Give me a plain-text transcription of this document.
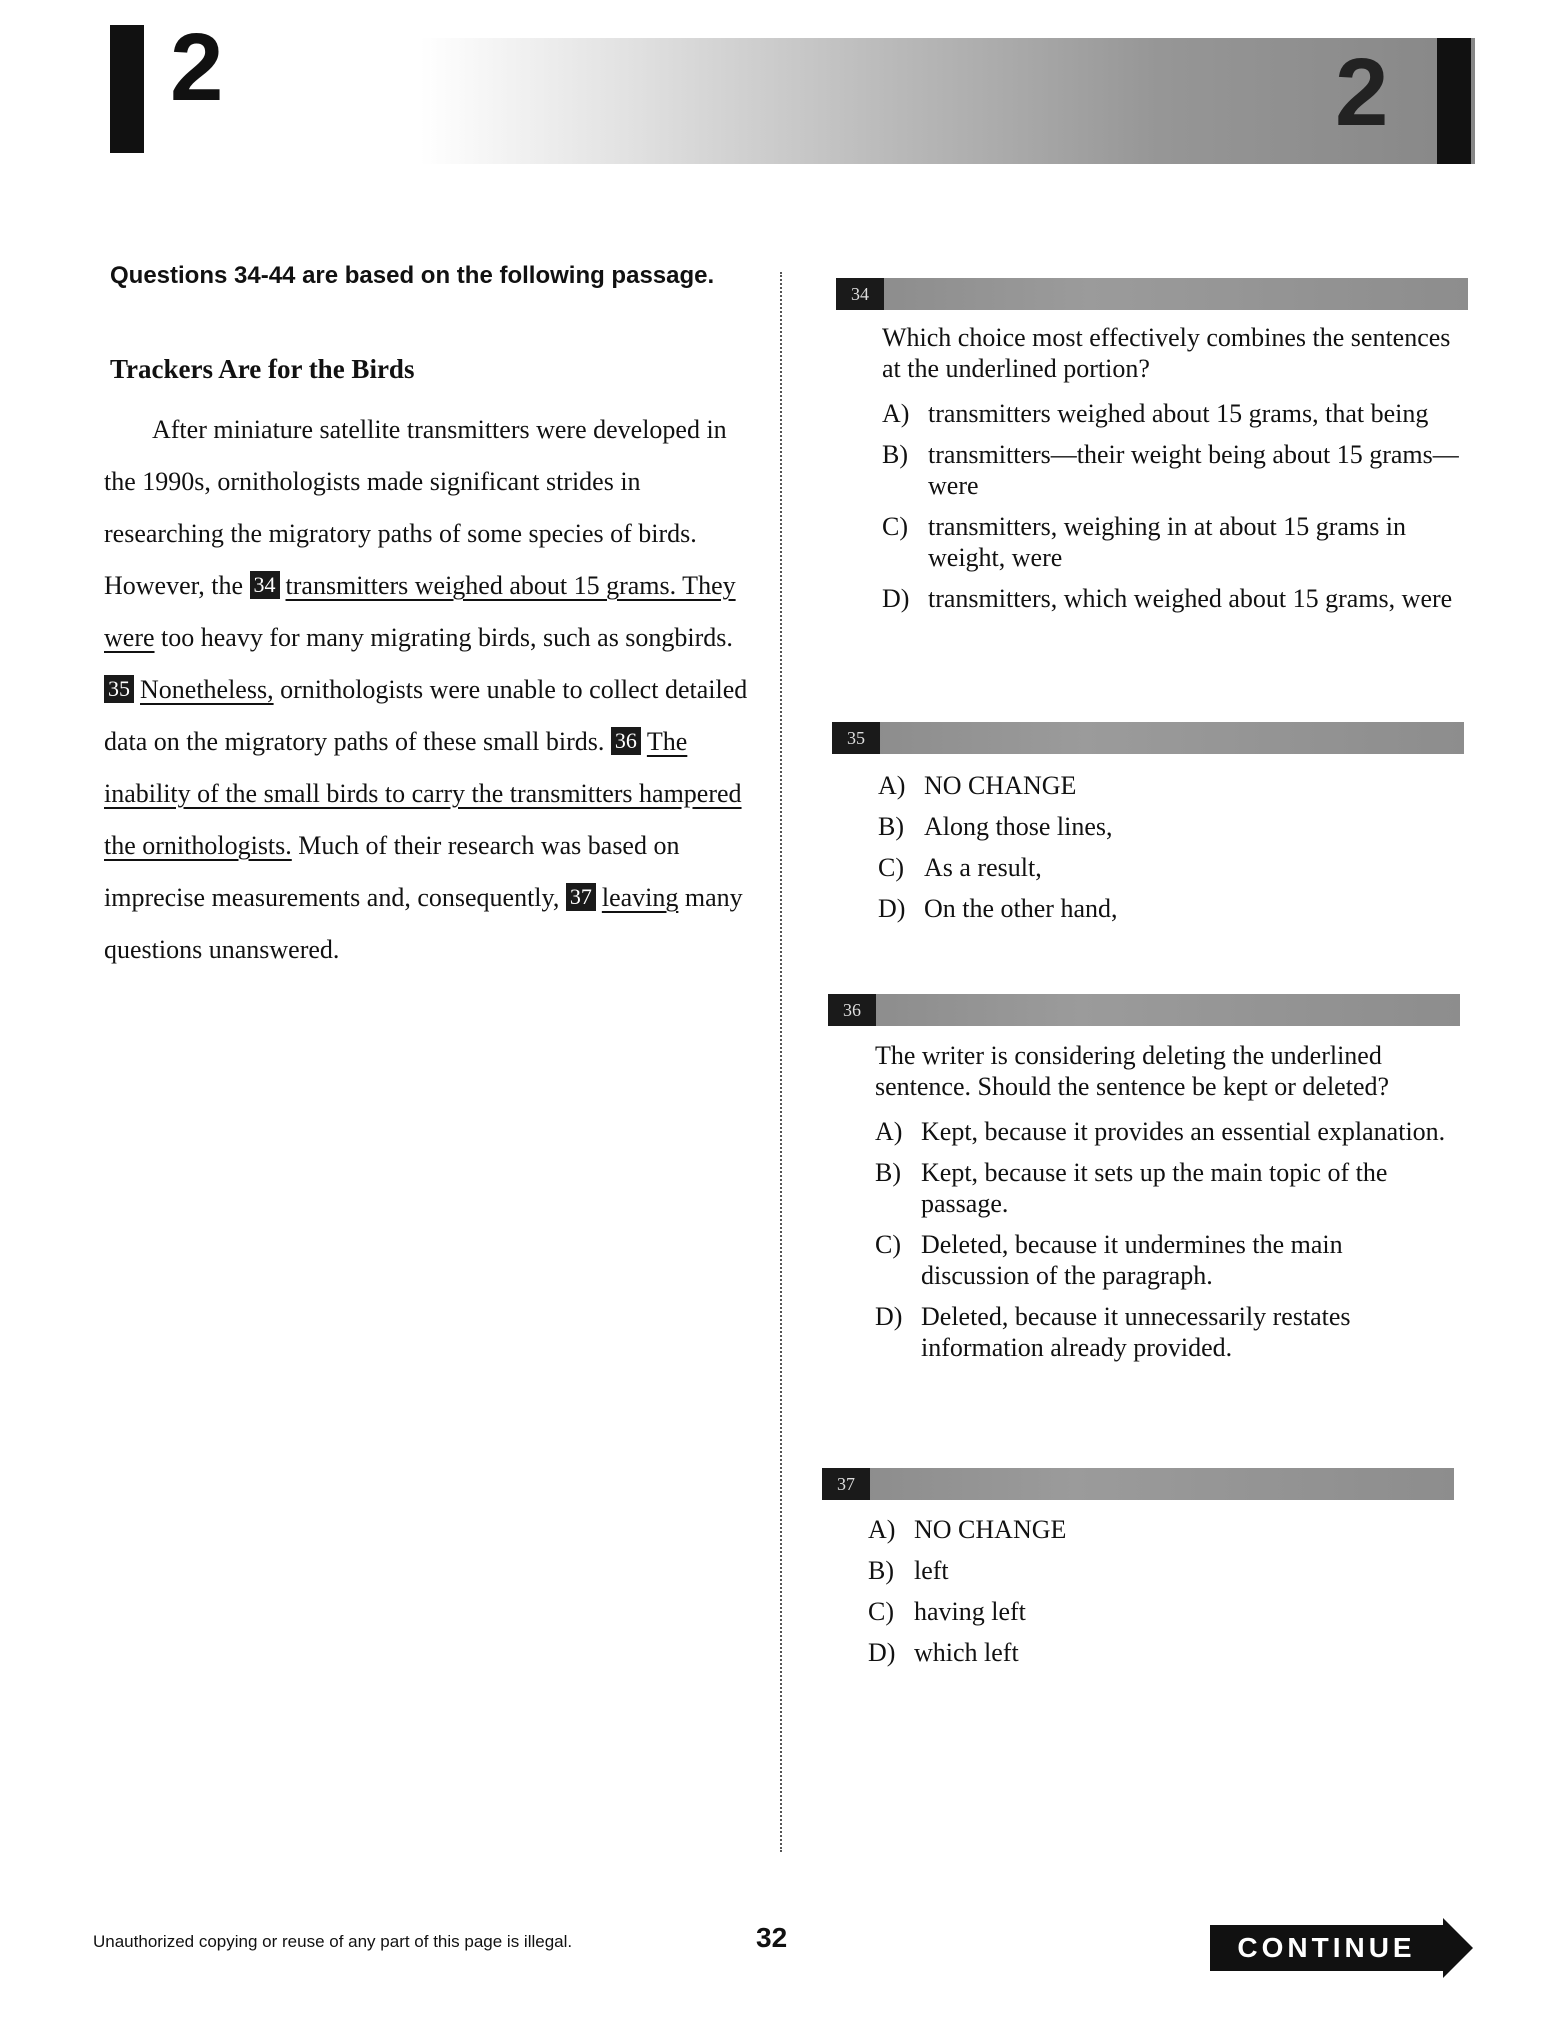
2	2
Questions 34-44 are based on the following passage.
Trackers Are for the Birds

After miniature satellite transmitters were developed in the 1990s, ornithologists made significant strides in researching the migratory paths of some species of birds. However, the 34 transmitters weighed about 15 grams. They were too heavy for many migrating birds, such as songbirds. 35 Nonetheless, ornithologists were unable to collect detailed data on the migratory paths of these small birds. 36 The inability of the small birds to carry the transmitters hampered the ornithologists. Much of their research was based on imprecise measurements and, consequently, 37 leaving many questions unanswered.

34
Which choice most effectively combines the sentences at the underlined portion?
A) transmitters weighed about 15 grams, that being
B) transmitters—their weight being about 15 grams—were
C) transmitters, weighing in at about 15 grams in weight, were
D) transmitters, which weighed about 15 grams, were
35
A) NO CHANGE
B) Along those lines,
C) As a result,
D) On the other hand,
36
The writer is considering deleting the underlined sentence. Should the sentence be kept or deleted?
A) Kept, because it provides an essential explanation.
B) Kept, because it sets up the main topic of the passage.
C) Deleted, because it undermines the main discussion of the paragraph.
D) Deleted, because it unnecessarily restates information already provided.
37
A) NO CHANGE
B) left
C) having left
D) which left
Unauthorized copying or reuse of any part of this page is illegal.	32	CONTINUE
